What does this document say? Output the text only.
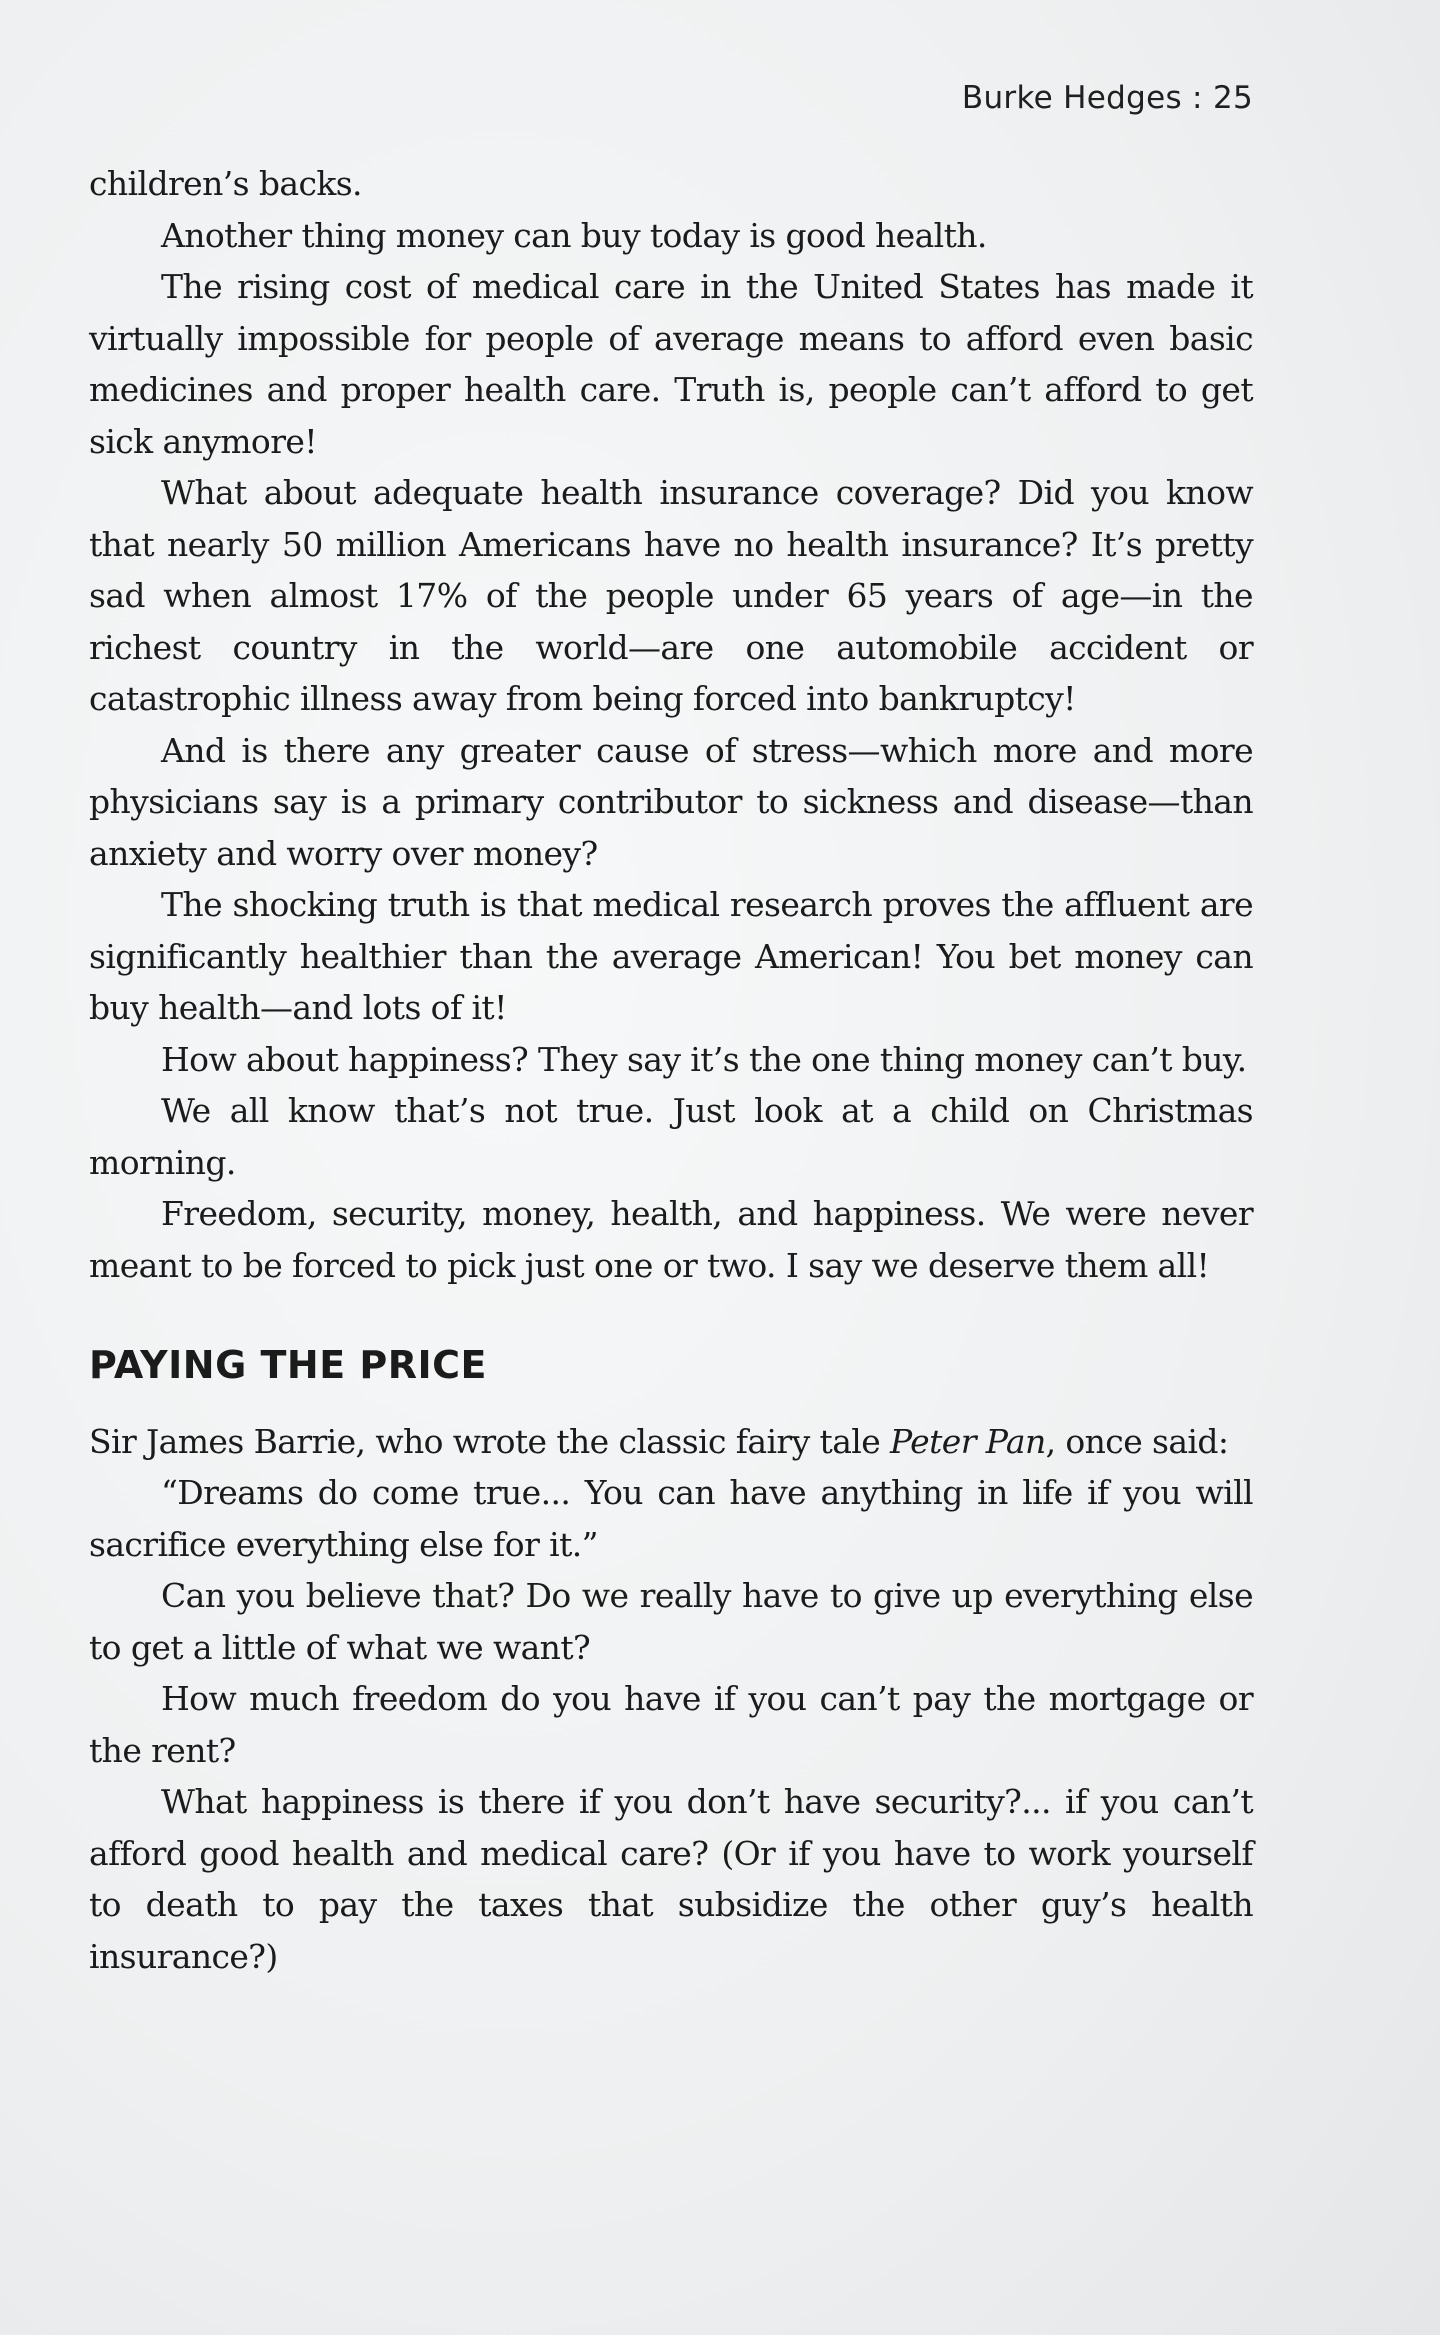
Burke Hedges : 25

children’s backs.

Another thing money can buy today is good health.

The rising cost of medical care in the United States has made it virtually impossible for people of average means to afford even basic medicines and proper health care. Truth is, people can’t afford to get sick anymore!

What about adequate health insurance coverage? Did you know that nearly 50 million Americans have no health insurance? It’s pretty sad when almost 17% of the people under 65 years of age—in the richest country in the world—are one automobile accident or catastrophic illness away from being forced into bankruptcy!

And is there any greater cause of stress—which more and more physicians say is a primary contributor to sickness and disease—than anxiety and worry over money?

The shocking truth is that medical research proves the affluent are significantly healthier than the average American! You bet money can buy health—and lots of it!

How about happiness? They say it’s the one thing money can’t buy.

We all know that’s not true. Just look at a child on Christmas morning.

Freedom, security, money, health, and happiness. We were never meant to be forced to pick just one or two. I say we deserve them all!

PAYING THE PRICE

Sir James Barrie, who wrote the classic fairy tale Peter Pan, once said:

“Dreams do come true... You can have anything in life if you will sacrifice everything else for it.”

Can you believe that? Do we really have to give up everything else to get a little of what we want?

How much freedom do you have if you can’t pay the mortgage or the rent?

What happiness is there if you don’t have security?... if you can’t afford good health and medical care? (Or if you have to work yourself to death to pay the taxes that subsidize the other guy’s health insurance?)
